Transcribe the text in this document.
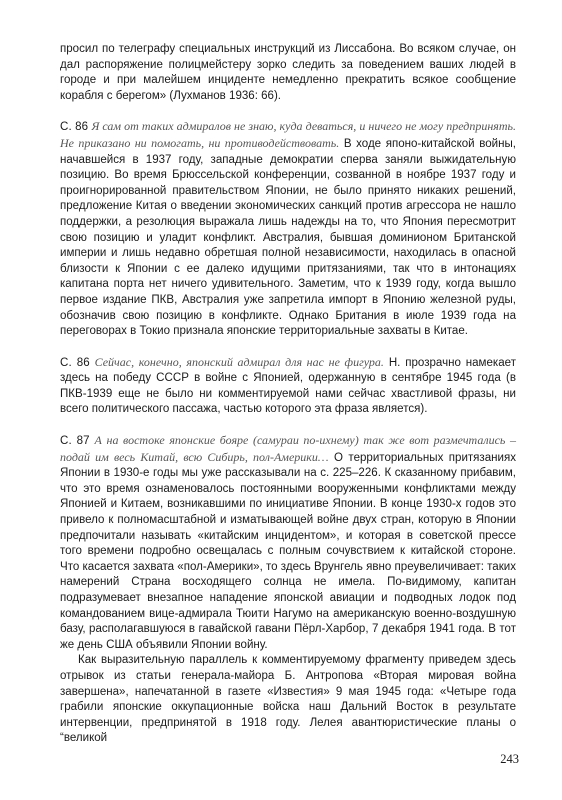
просил по телеграфу специальных инструкций из Лиссабона. Во всяком случае, он дал распоряжение полицмейстеру зорко следить за поведением ваших людей в городе и при малейшем инциденте немедленно прекратить всякое сообщение корабля с берегом» (Лухманов 1936: 66).

С. 86 Я сам от таких адмиралов не знаю, куда деваться, и ничего не могу предпринять. Не приказано ни помогать, ни противодействовать. В ходе японо-китайской войны, начавшейся в 1937 году, западные демократии сперва заняли выжидательную позицию. Во время Брюссельской конференции, созванной в ноябре 1937 году и проигнорированной правительством Японии, не было принято никаких решений, предложение Китая о введении экономических санкций против агрессора не нашло поддержки, а резолюция выражала лишь надежды на то, что Япония пересмотрит свою позицию и уладит конфликт. Австралия, бывшая доминионом Британской империи и лишь недавно обретшая полной независимости, находилась в опасной близости к Японии с ее далеко идущими притязаниями, так что в интонациях капитана порта нет ничего удивительного. Заметим, что к 1939 году, когда вышло первое издание ПКВ, Австралия уже запретила импорт в Японию железной руды, обозначив свою позицию в конфликте. Однако Британия в июле 1939 года на переговорах в Токио признала японские территориальные захваты в Китае.

С. 86 Сейчас, конечно, японский адмирал для нас не фигура. Н. прозрачно намекает здесь на победу СССР в войне с Японией, одержанную в сентябре 1945 года (в ПКВ-1939 еще не было ни комментируемой нами сейчас хвастливой фразы, ни всего политического пассажа, частью которого эта фраза является).

С. 87 А на востоке японские бояре (самураи по-ихнему) так же вот размечтались – подай им весь Китай, всю Сибирь, пол-Америки… О территориальных притязаниях Японии в 1930-е годы мы уже рассказывали на с. 225–226. К сказанному прибавим, что это время ознаменовалось постоянными вооруженными конфликтами между Японией и Китаем, возникавшими по инициативе Японии. В конце 1930-х годов это привело к полномасштабной и изматывающей войне двух стран, которую в Японии предпочитали называть «китайским инцидентом», и которая в советской прессе того времени подробно освещалась с полным сочувствием к китайской стороне. Что касается захвата «пол-Америки», то здесь Врунгель явно преувеличивает: таких намерений Страна восходящего солнца не имела. По-видимому, капитан подразумевает внезапное нападение японской авиации и подводных лодок под командованием вице-адмирала Тюити Нагумо на американскую военно-воздушную базу, располагавшуюся в гавайской гавани Пёрл-Харбор, 7 декабря 1941 года. В тот же день США объявили Японии войну.

Как выразительную параллель к комментируемому фрагменту приведем здесь отрывок из статьи генерала-майора Б. Антропова «Вторая мировая война завершена», напечатанной в газете «Известия» 9 мая 1945 года: «Четыре года грабили японские оккупационные войска наш Дальний Восток в результате интервенции, предпринятой в 1918 году. Лелея авантюристические планы о “великой

243
